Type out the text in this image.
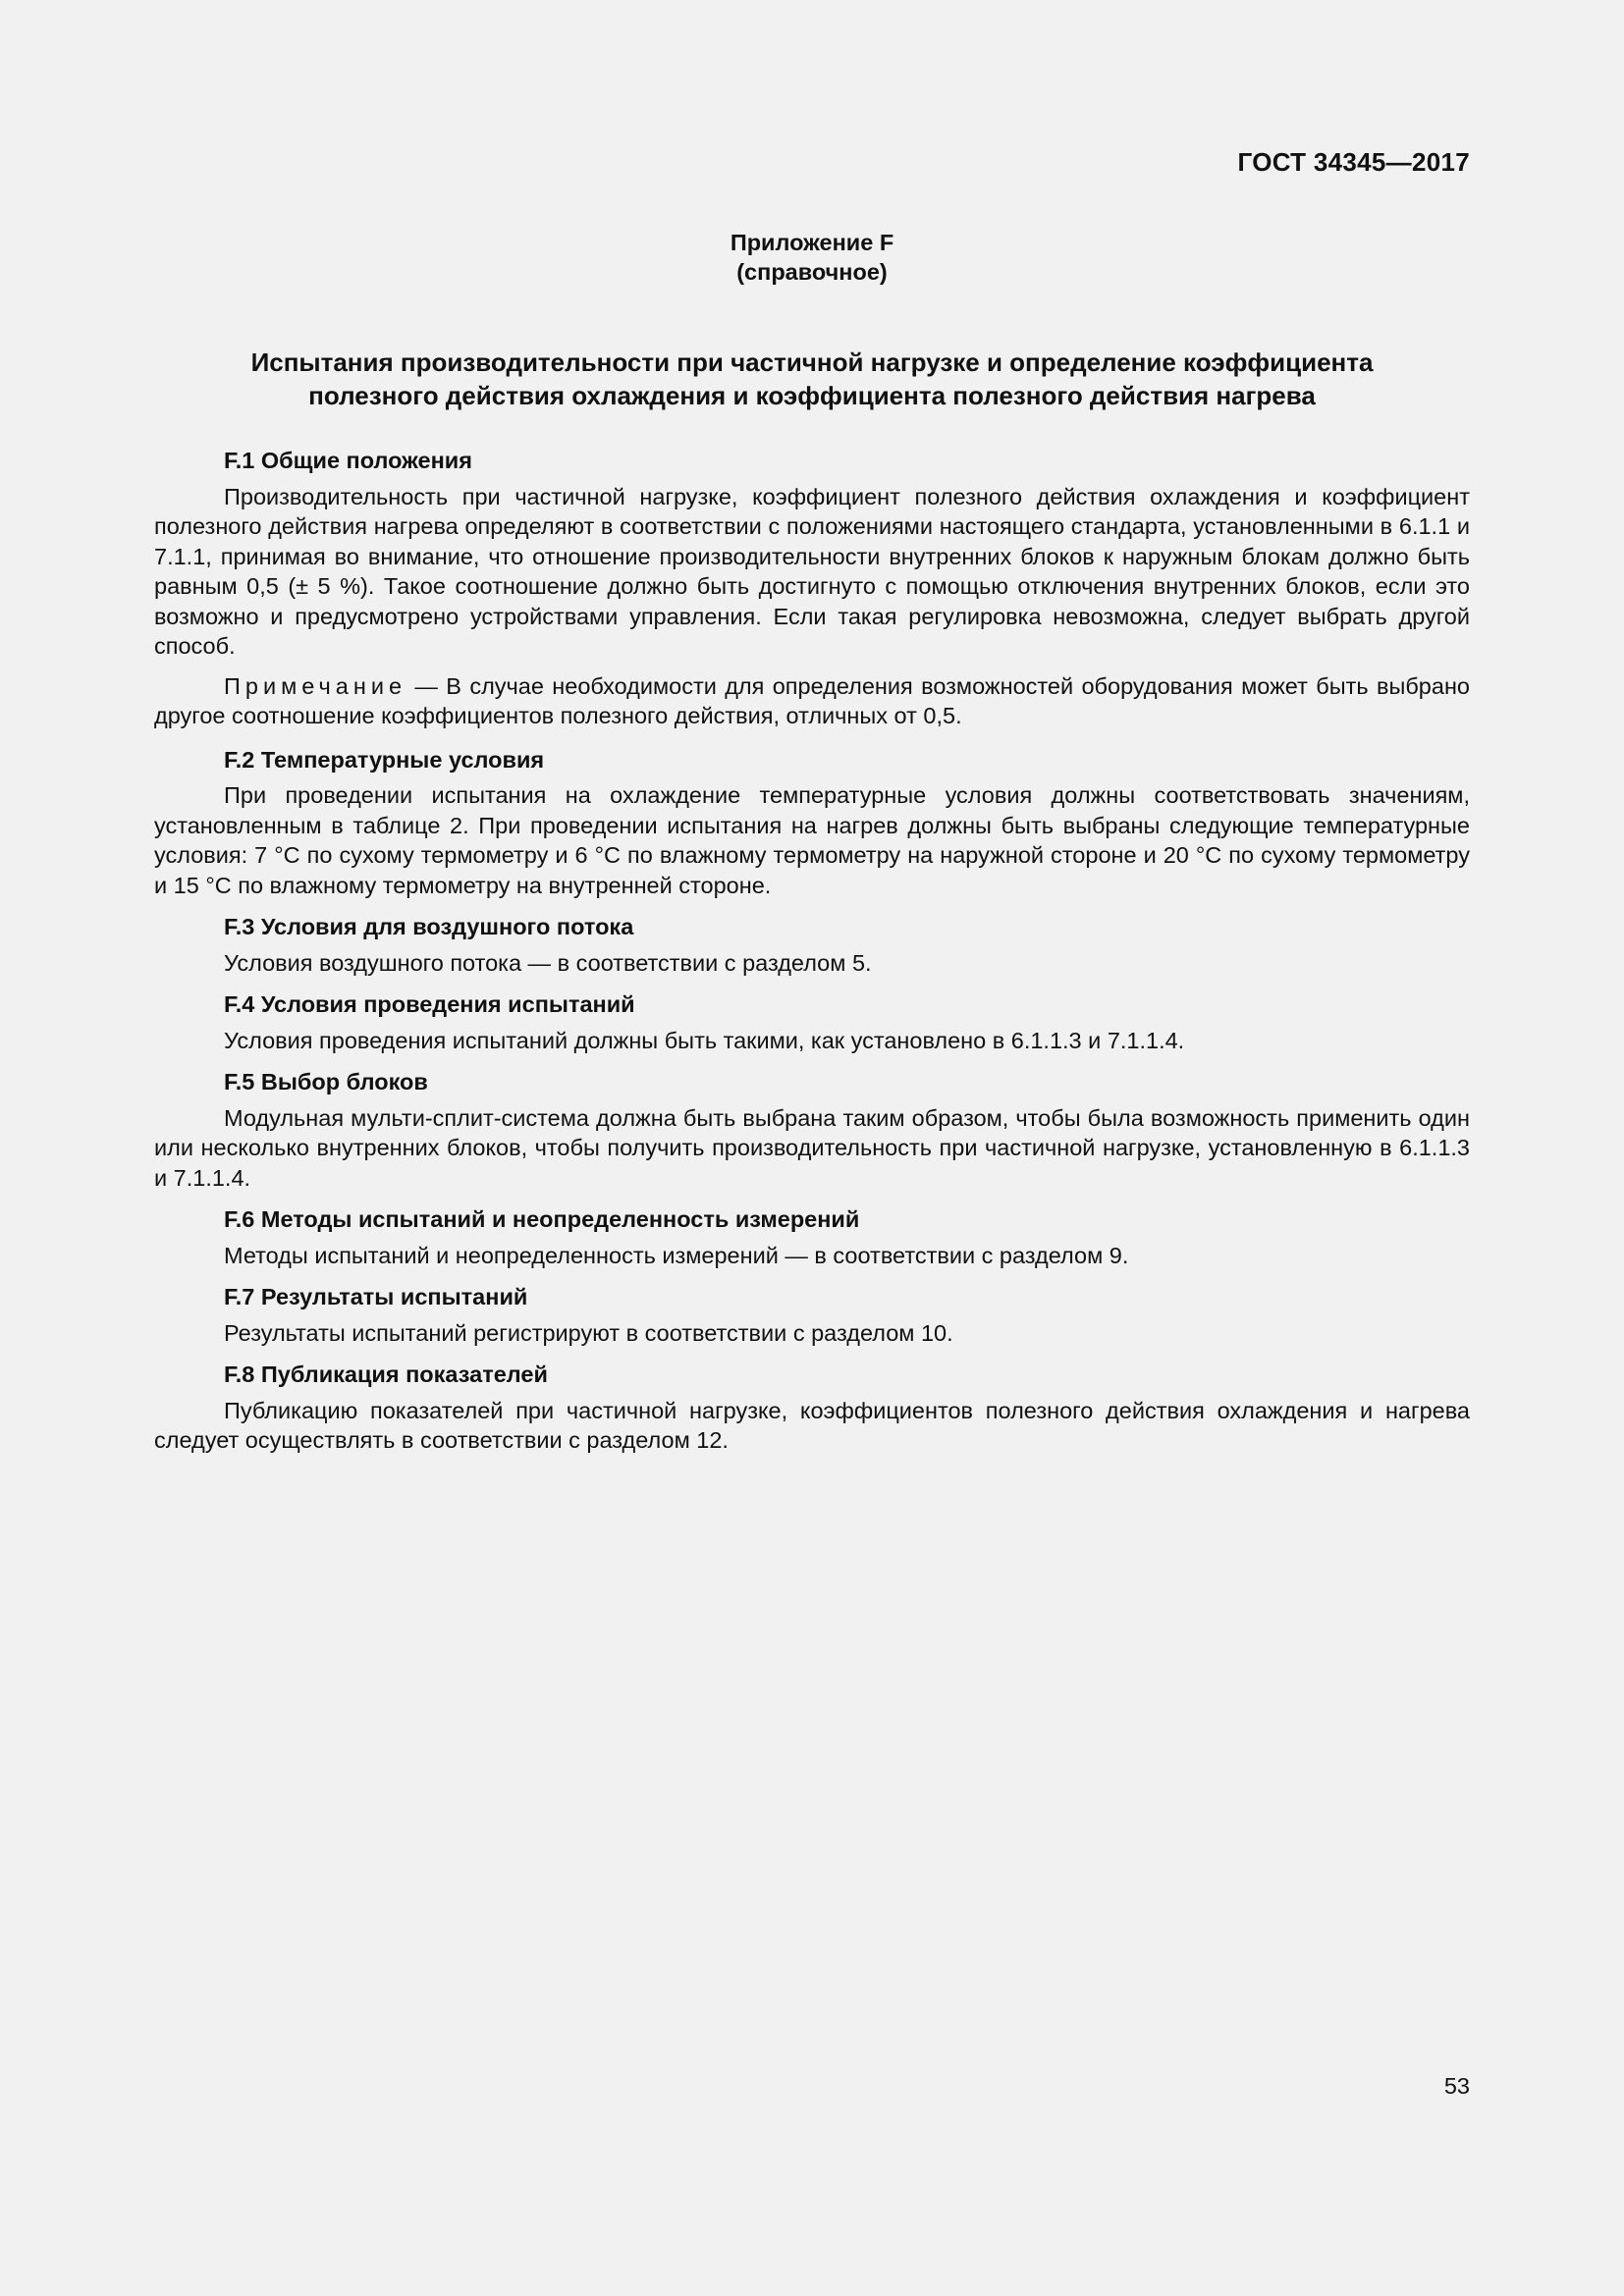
ГОСТ 34345—2017
Приложение F
(справочное)
Испытания производительности при частичной нагрузке и определение коэффициента
полезного действия охлаждения и коэффициента полезного действия нагрева
F.1 Общие положения

Производительность при частичной нагрузке, коэффициент полезного действия охлаждения и коэффициент полезного действия нагрева определяют в соответствии с положениями настоящего стандарта, установленными в 6.1.1 и 7.1.1, принимая во внимание, что отношение производительности внутренних блоков к наружным блокам должно быть равным 0,5 (± 5 %). Такое соотношение должно быть достигнуто с помощью отключения внутренних блоков, если это возможно и предусмотрено устройствами управления. Если такая регулировка невозможна, следует выбрать другой способ.

Примечание — В случае необходимости для определения возможностей оборудования может быть выбрано другое соотношение коэффициентов полезного действия, отличных от 0,5.

F.2 Температурные условия

При проведении испытания на охлаждение температурные условия должны соответствовать значениям, установленным в таблице 2. При проведении испытания на нагрев должны быть выбраны следующие температурные условия: 7 °С по сухому термометру и 6 °С по влажному термометру на наружной стороне и 20 °С по сухому термометру и 15 °С по влажному термометру на внутренней стороне.

F.3 Условия для воздушного потока

Условия воздушного потока — в соответствии с разделом 5.

F.4 Условия проведения испытаний

Условия проведения испытаний должны быть такими, как установлено в 6.1.1.3 и 7.1.1.4.

F.5 Выбор блоков

Модульная мульти-сплит-система должна быть выбрана таким образом, чтобы была возможность применить один или несколько внутренних блоков, чтобы получить производительность при частичной нагрузке, установленную в 6.1.1.3 и 7.1.1.4.

F.6 Методы испытаний и неопределенность измерений

Методы испытаний и неопределенность измерений — в соответствии с разделом 9.

F.7 Результаты испытаний

Результаты испытаний регистрируют в соответствии с разделом 10.

F.8 Публикация показателей

Публикацию показателей при частичной нагрузке, коэффициентов полезного действия охлаждения и нагрева следует осуществлять в соответствии с разделом 12.

53
